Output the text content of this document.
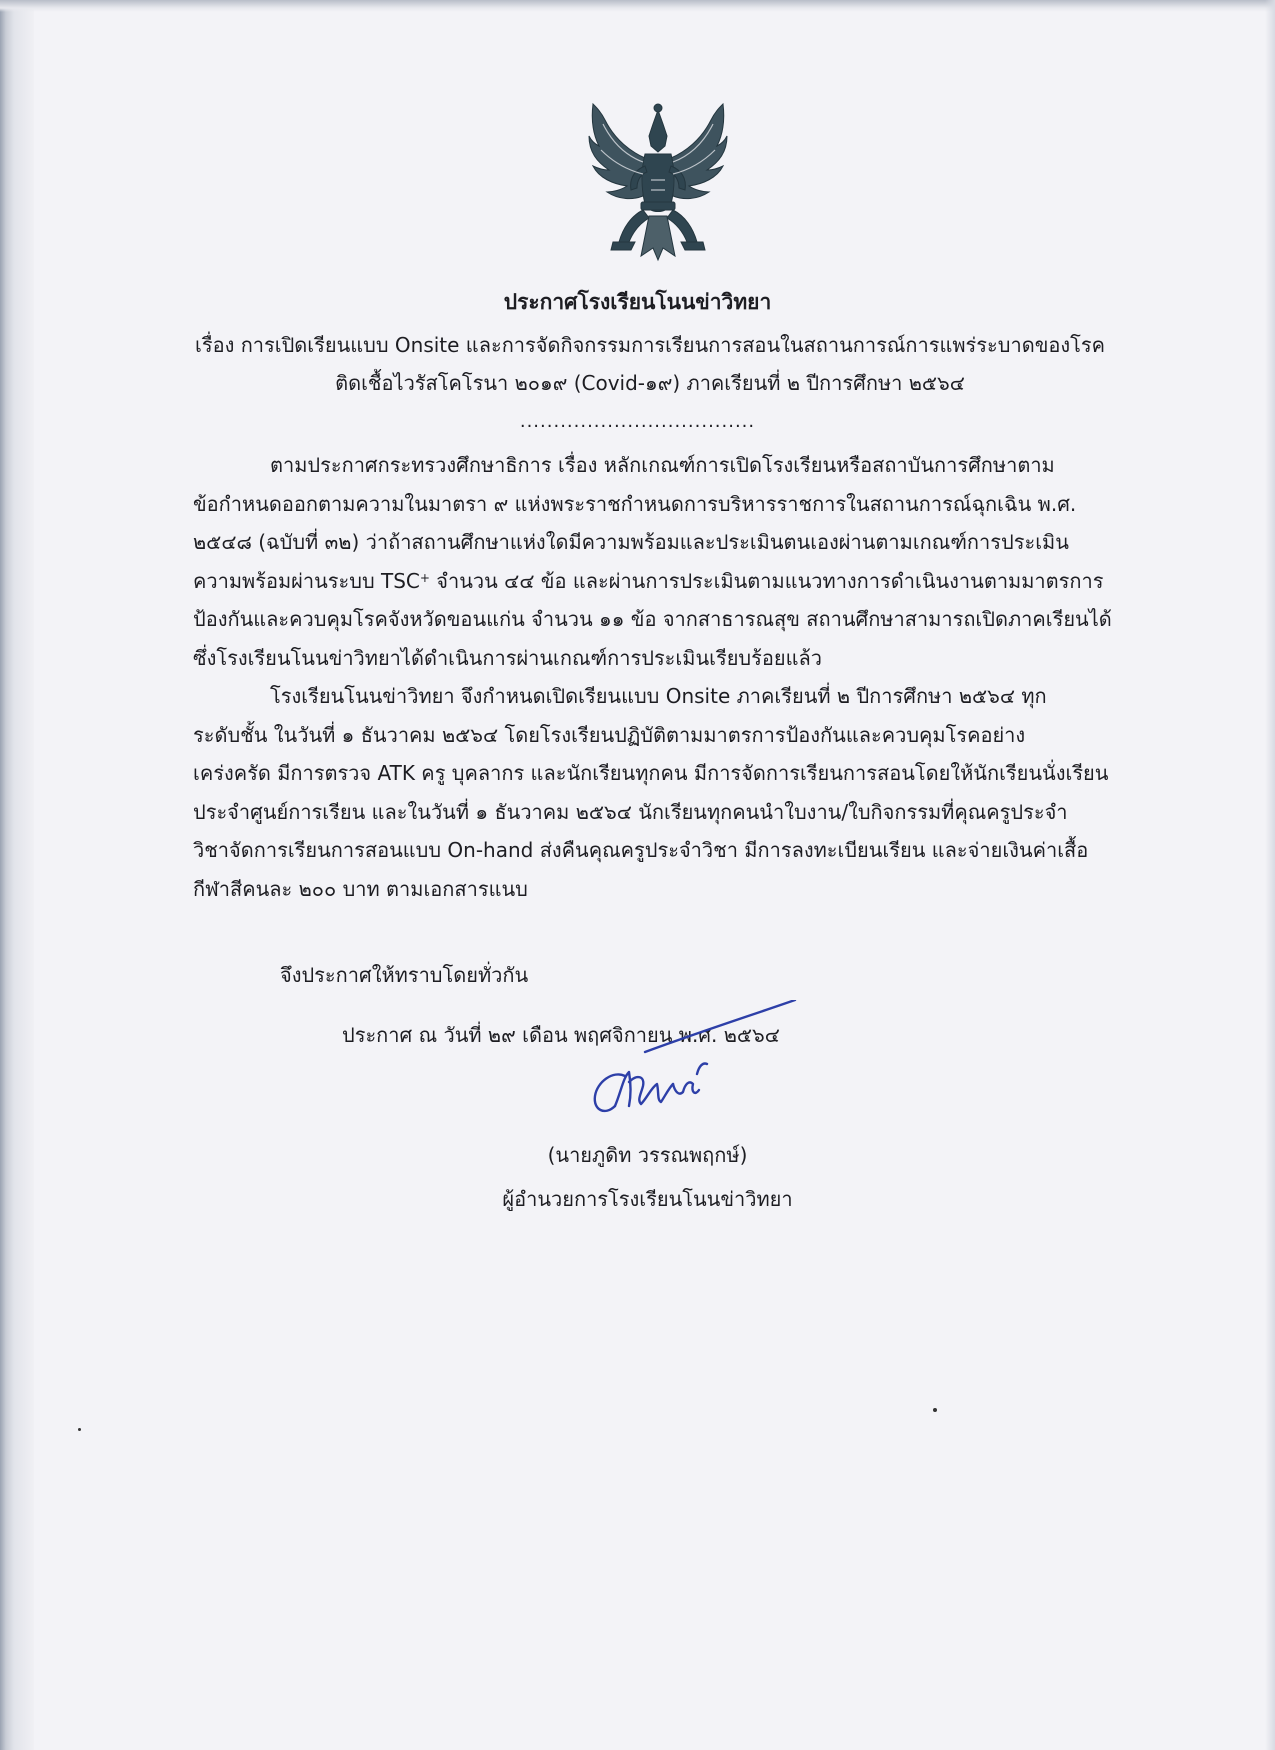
ประกาศโรงเรียนโนนข่าวิทยา
เรื่อง การเปิดเรียนแบบ Onsite และการจัดกิจกรรมการเรียนการสอนในสถานการณ์การแพร่ระบาดของโรค
ติดเชื้อไวรัสโคโรนา ๒๐๑๙ (Covid-๑๙) ภาคเรียนที่ ๒ ปีการศึกษา ๒๕๖๔
...................................
ตามประกาศกระทรวงศึกษาธิการ เรื่อง หลักเกณฑ์การเปิดโรงเรียนหรือสถาบันการศึกษาตาม
ข้อกำหนดออกตามความในมาตรา ๙ แห่งพระราชกำหนดการบริหารราชการในสถานการณ์ฉุกเฉิน พ.ศ.
๒๕๔๘ (ฉบับที่ ๓๒) ว่าถ้าสถานศึกษาแห่งใดมีความพร้อมและประเมินตนเองผ่านตามเกณฑ์การประเมิน
ความพร้อมผ่านระบบ TSC+ จำนวน ๔๔ ข้อ และผ่านการประเมินตามแนวทางการดำเนินงานตามมาตรการ
ป้องกันและควบคุมโรคจังหวัดขอนแก่น จำนวน ๑๑ ข้อ จากสาธารณสุข สถานศึกษาสามารถเปิดภาคเรียนได้
ซึ่งโรงเรียนโนนข่าวิทยาได้ดำเนินการผ่านเกณฑ์การประเมินเรียบร้อยแล้ว
โรงเรียนโนนข่าวิทยา จึงกำหนดเปิดเรียนแบบ Onsite ภาคเรียนที่ ๒ ปีการศึกษา ๒๕๖๔ ทุก
ระดับชั้น ในวันที่ ๑ ธันวาคม ๒๕๖๔ โดยโรงเรียนปฏิบัติตามมาตรการป้องกันและควบคุมโรคอย่าง
เคร่งครัด มีการตรวจ ATK ครู บุคลากร และนักเรียนทุกคน มีการจัดการเรียนการสอนโดยให้นักเรียนนั่งเรียน
ประจำศูนย์การเรียน และในวันที่ ๑ ธันวาคม ๒๕๖๔ นักเรียนทุกคนนำใบงาน/ใบกิจกรรมที่คุณครูประจำ
วิชาจัดการเรียนการสอนแบบ On-hand ส่งคืนคุณครูประจำวิชา มีการลงทะเบียนเรียน และจ่ายเงินค่าเสื้อ
กีฬาสีคนละ ๒๐๐ บาท ตามเอกสารแนบ
จึงประกาศให้ทราบโดยทั่วกัน
ประกาศ ณ วันที่ ๒๙ เดือน พฤศจิกายน พ.ศ. ๒๕๖๔
(นายภูดิท วรรณพฤกษ์)
ผู้อำนวยการโรงเรียนโนนข่าวิทยา
